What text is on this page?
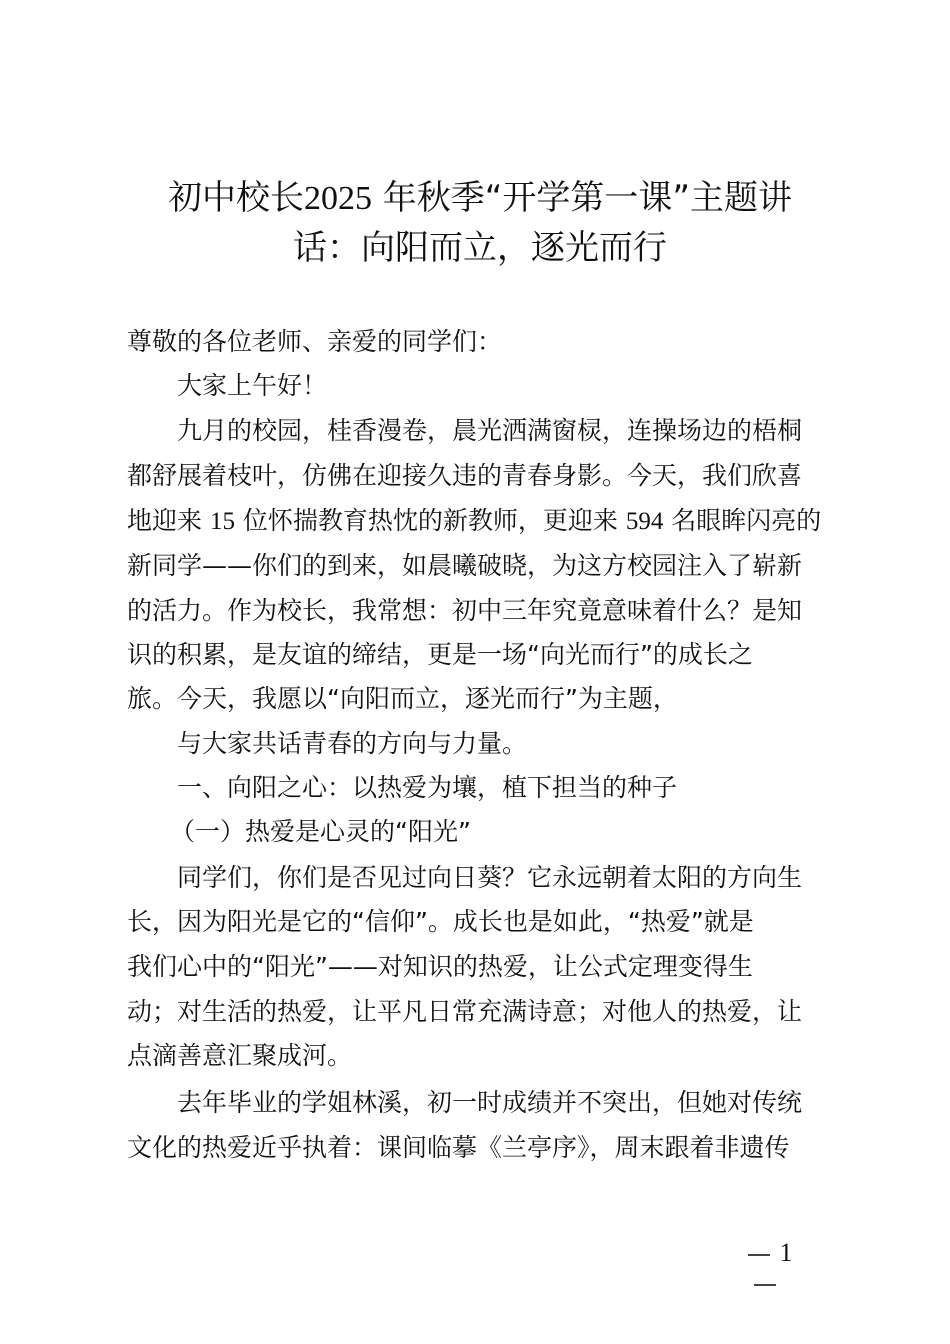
初中校长2025 年秋季“开学第一课”主题讲
话：向阳而立，逐光而行
尊敬的各位老师、亲爱的同学们：
大家上午好！
九月的校园，桂香漫卷，晨光洒满窗棂，连操场边的梧桐
都舒展着枝叶，仿佛在迎接久违的青春身影。今天，我们欣喜
地迎来 15 位怀揣教育热忱的新教师，更迎来 594 名眼眸闪亮的
新同学——你们的到来，如晨曦破晓，为这方校园注入了崭新
的活力。作为校长，我常想：初中三年究竟意味着什么？是知
识的积累，是友谊的缔结，更是一场“向光而行”的成长之
旅。今天，我愿以“向阳而立，逐光而行”为主题，
与大家共话青春的方向与力量。
一、向阳之心：以热爱为壤，植下担当的种子
（一）热爱是心灵的“阳光”
同学们，你们是否见过向日葵？它永远朝着太阳的方向生
长，因为阳光是它的“信仰”。成长也是如此，“热爱”就是
我们心中的“阳光”——对知识的热爱，让公式定理变得生
动；对生活的热爱，让平凡日常充满诗意；对他人的热爱，让
点滴善意汇聚成河。
去年毕业的学姐林溪，初一时成绩并不突出，但她对传统
文化的热爱近乎执着：课间临摹《兰亭序》，周末跟着非遗传
1
